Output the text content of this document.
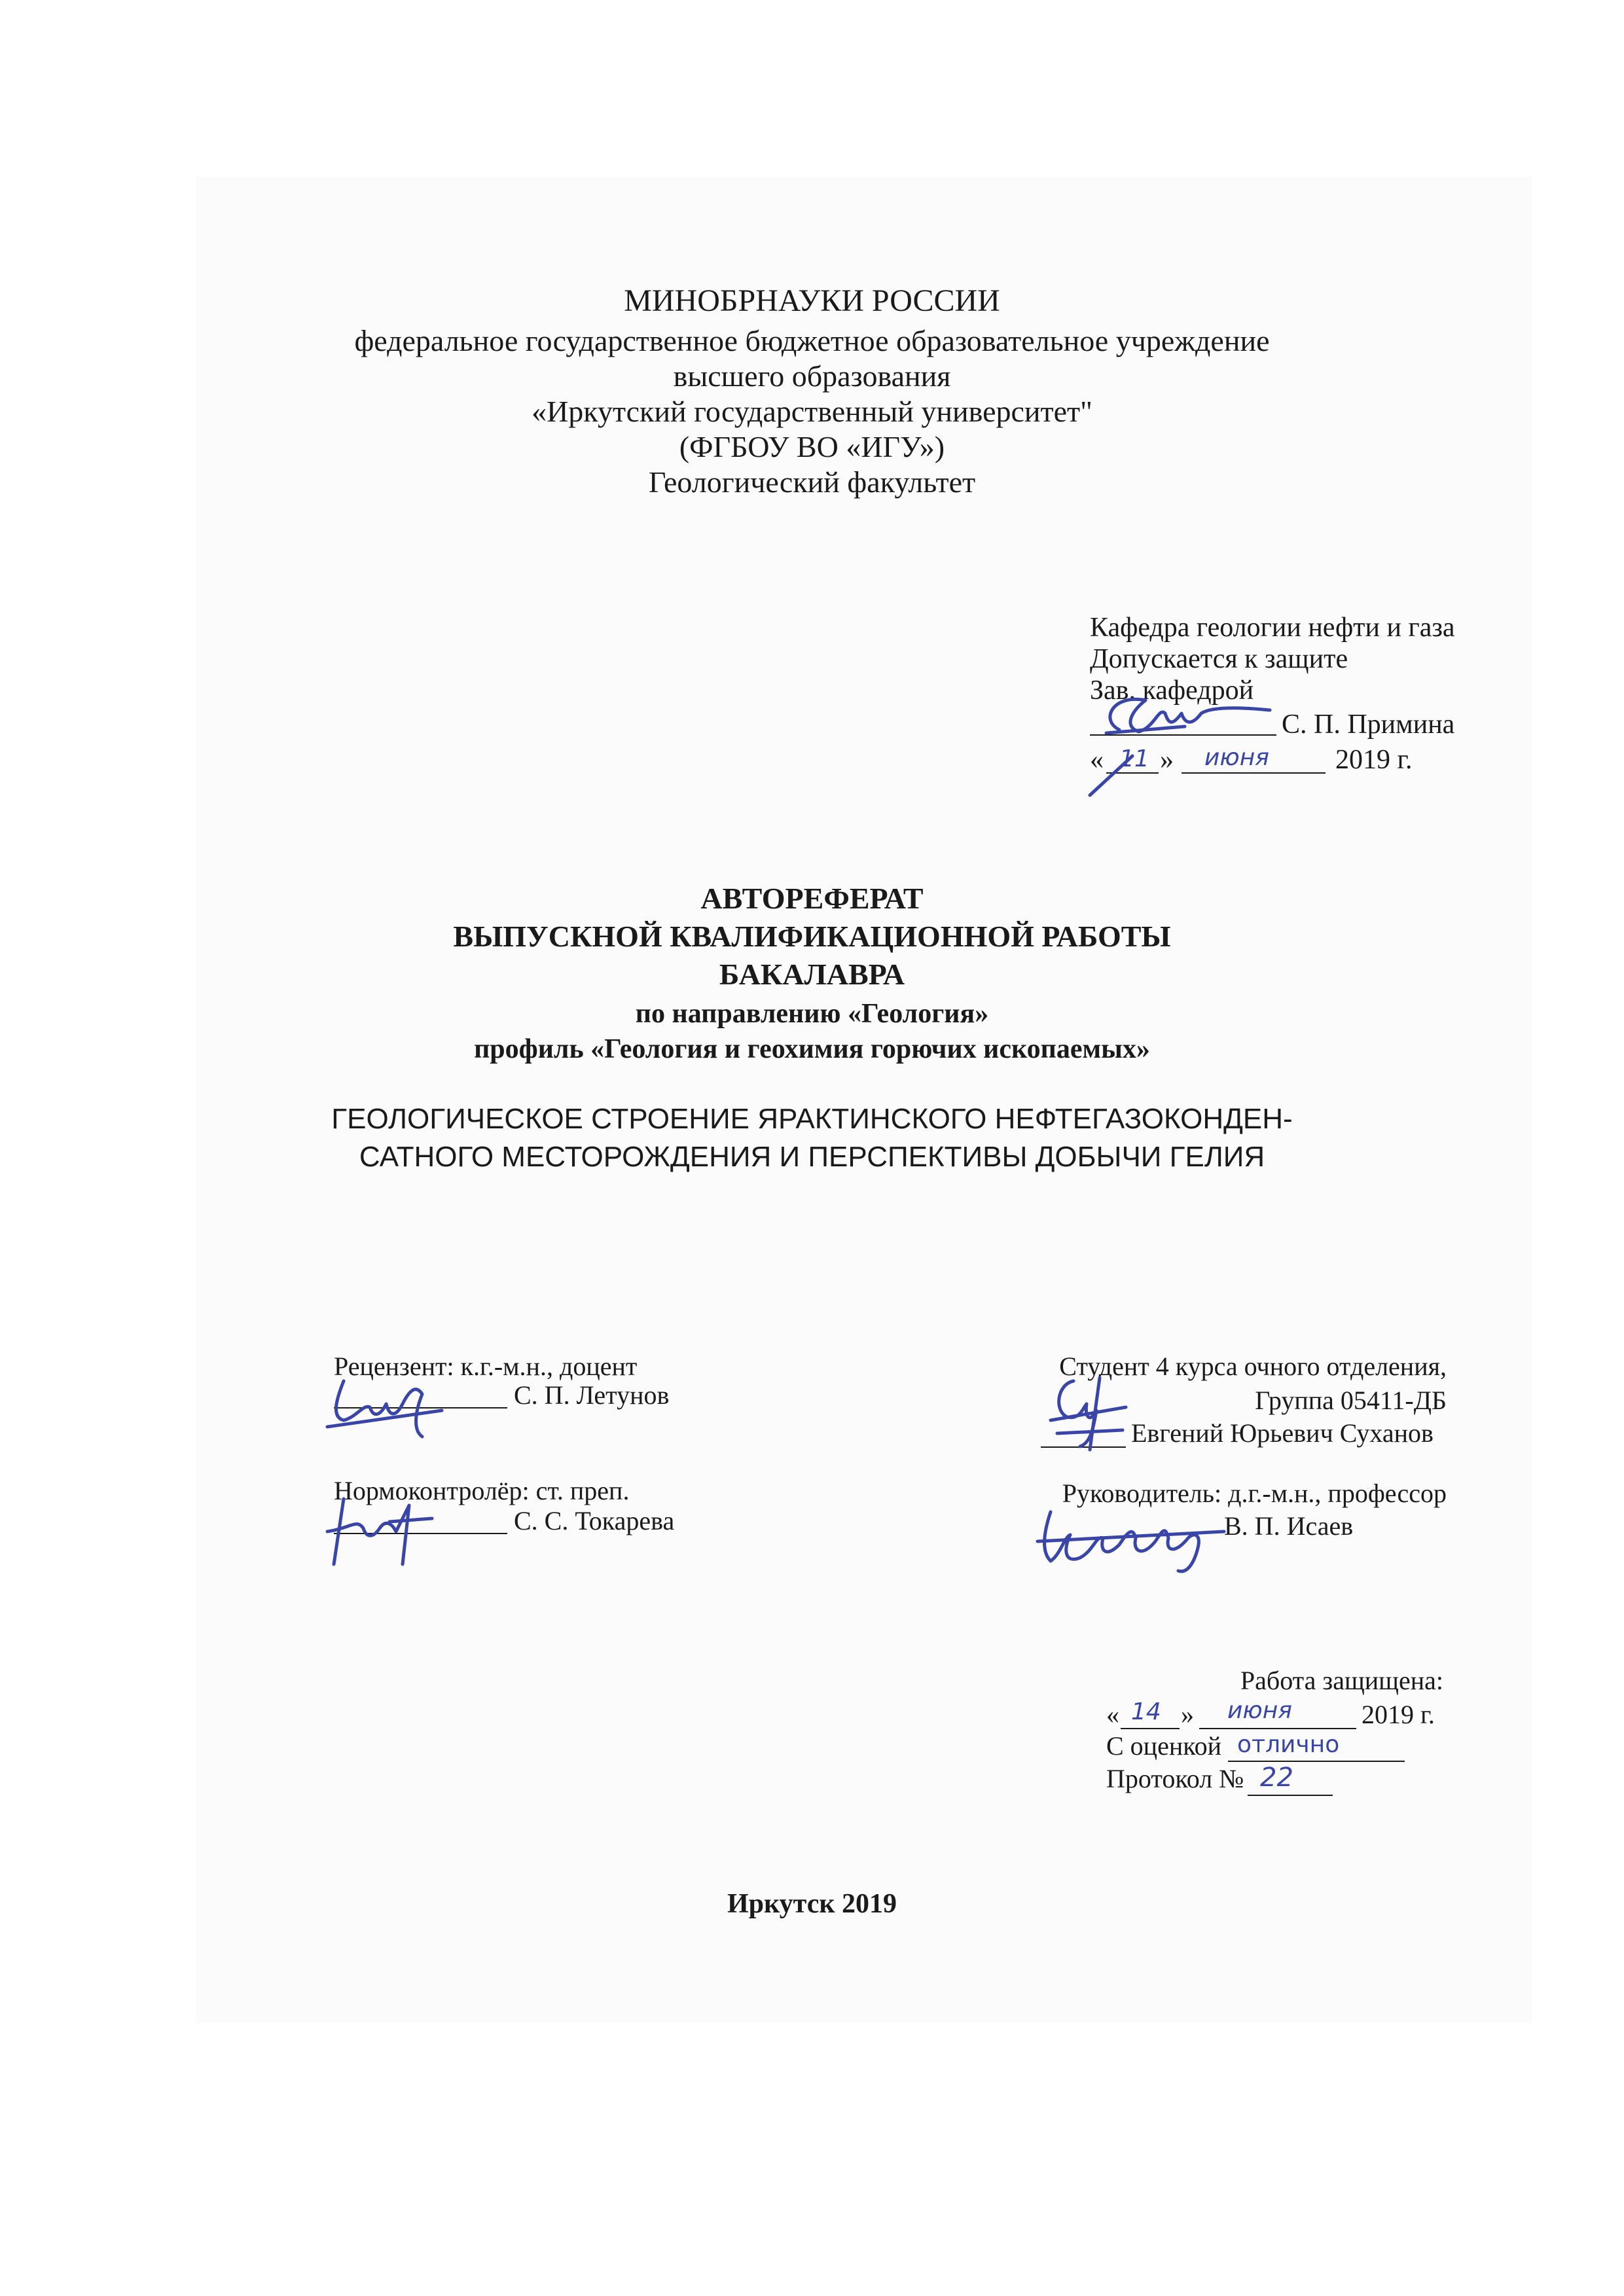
МИНОБРНАУКИ РОССИИ
федеральное государственное бюджетное образовательное учреждение
высшего образования
«Иркутский государственный университет"
(ФГБОУ ВО «ИГУ»)
Геологический факультет
Кафедра геологии нефти и газа
Допускается к защите
Зав. кафедрой
С. П. Примина
« 11 » июня 2019 г.
АВТОРЕФЕРАТ
ВЫПУСКНОЙ КВАЛИФИКАЦИОННОЙ РАБОТЫ
БАКАЛАВРА
по направлению «Геология»
профиль «Геология и геохимия горючих ископаемых»
ГЕОЛОГИЧЕСКОЕ СТРОЕНИЕ ЯРАКТИНСКОГО НЕФТЕГАЗОКОНДЕН-
САТНОГО МЕСТОРОЖДЕНИЯ И ПЕРСПЕКТИВЫ ДОБЫЧИ ГЕЛИЯ
Рецензент: к.г.-м.н., доцент
С. П. Летунов
Нормоконтролёр: ст. преп.
С. С. Токарева
Студент 4 курса очного отделения,
Группа 05411-ДБ
Евгений Юрьевич Суханов
Руководитель: д.г.-м.н., профессор
В. П. Исаев
Работа защищена:
« 14 » июня	2019 г.
С оценкой отлично
Протокол № 22
Иркутск 2019
